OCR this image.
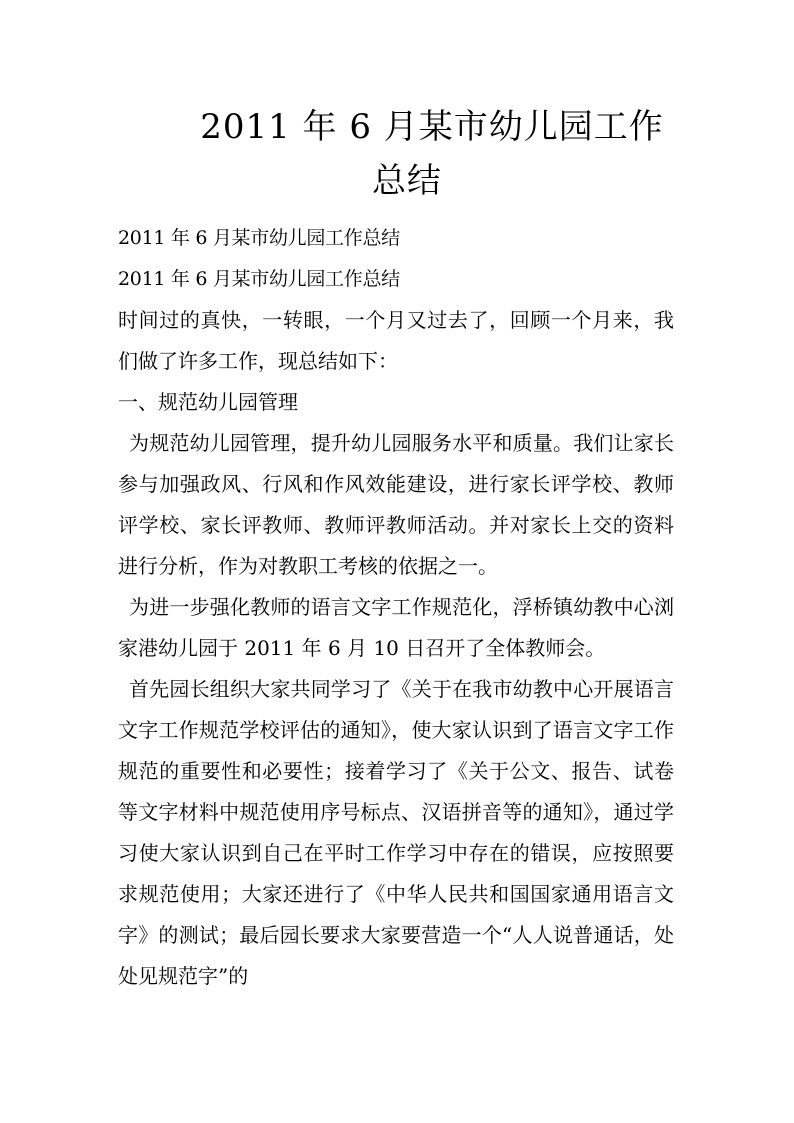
2011 年 6 月某市幼儿园工作
总结

2011 年 6 月某市幼儿园工作总结

2011 年 6 月某市幼儿园工作总结

时间过的真快，一转眼，一个月又过去了，回顾一个月来，我们做了许多工作，现总结如下：

一、规范幼儿园管理

为规范幼儿园管理，提升幼儿园服务水平和质量。我们让家长参与加强政风、行风和作风效能建设，进行家长评学校、教师评学校、家长评教师、教师评教师活动。并对家长上交的资料进行分析，作为对教职工考核的依据之一。

为进一步强化教师的语言文字工作规范化，浮桥镇幼教中心浏家港幼儿园于 2011 年 6 月 10 日召开了全体教师会。

首先园长组织大家共同学习了《关于在我市幼教中心开展语言文字工作规范学校评估的通知》，使大家认识到了语言文字工作规范的重要性和必要性；接着学习了《关于公文、报告、试卷等文字材料中规范使用序号标点、汉语拼音等的通知》，通过学习使大家认识到自己在平时工作学习中存在的错误，应按照要求规范使用；大家还进行了《中华人民共和国国家通用语言文字》的测试；最后园长要求大家要营造一个“人人说普通话，处处见规范字”的
